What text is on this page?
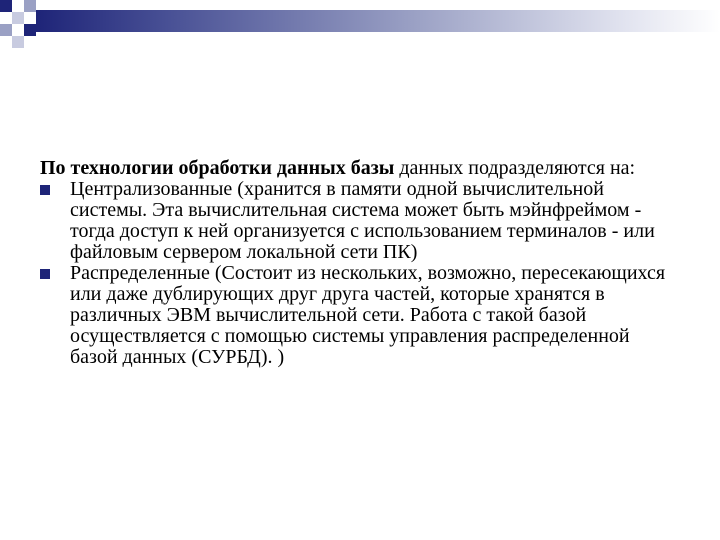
По технологии обработки данных базы данных подразделяются на:

Централизованные (хранится в памяти одной вычислительной системы. Эта вычислительная система может быть мэйнфреймом - тогда доступ к ней организуется с использованием терминалов - или файловым сервером локальной сети ПК)
Распределенные (Состоит из нескольких, возможно, пересекающихся или даже дублирующих друг друга частей, которые хранятся в различных ЭВМ вычислительной сети. Работа с такой базой осуществляется с помощью системы управления распределенной базой данных (СУРБД). )
